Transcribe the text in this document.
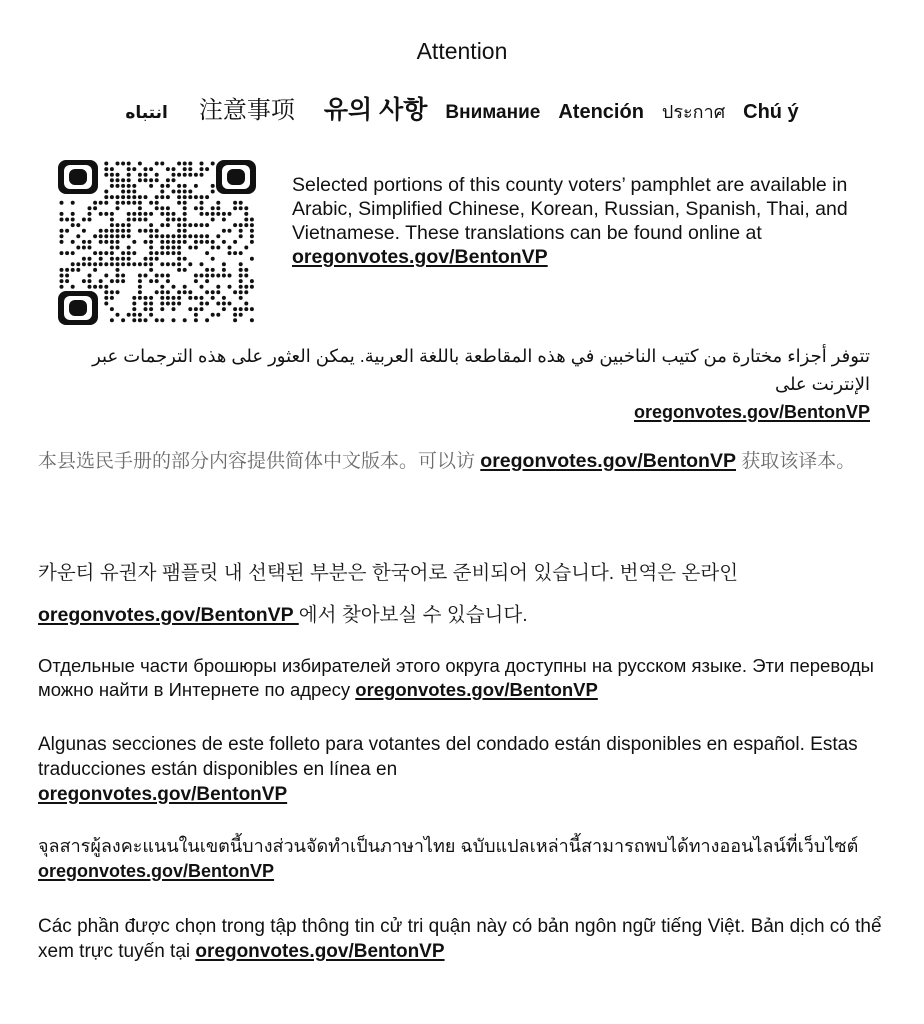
Attention
انتباه 注意事项 유의 사항 Внимание Atención ประกาศ Chú ý
Selected portions of this county voters’ pamphlet are available in Arabic, Simplified Chinese, Korean, Russian, Spanish, Thai, and Vietnamese. These translations can be found online at oregonvotes.gov/BentonVP
تتوفر أجزاء مختارة من كتيب الناخبين في هذه المقاطعة باللغة العربية. يمكن العثور على هذه الترجمات عبر الإنترنت على
oregonvotes.gov/BentonVP
本县选民手册的部分内容提供简体中文版本。可以访 oregonvotes.gov/BentonVP 获取该译本。
카운티 유권자 팸플릿 내 선택된 부분은 한국어로 준비되어 있습니다. 번역은 온라인 oregonvotes.gov/BentonVP 에서 찾아보실 수 있습니다.
Отдельные части брошюры избирателей этого округа доступны на русском языке. Эти переводы можно найти в Интернете по адресу oregonvotes.gov/BentonVP
Algunas secciones de este folleto para votantes del condado están disponibles en español. Estas traducciones están disponibles en línea en
oregonvotes.gov/BentonVP
จุลสารผู้ลงคะแนนในเขตนี้บางส่วนจัดทำเป็นภาษาไทย ฉบับแปลเหล่านี้สามารถพบได้ทางออนไลน์ที่เว็บไซต์
oregonvotes.gov/BentonVP
Các phần được chọn trong tập thông tin cử tri quận này có bản ngôn ngữ tiếng Việt. Bản dịch có thể xem trực tuyến tại oregonvotes.gov/BentonVP
